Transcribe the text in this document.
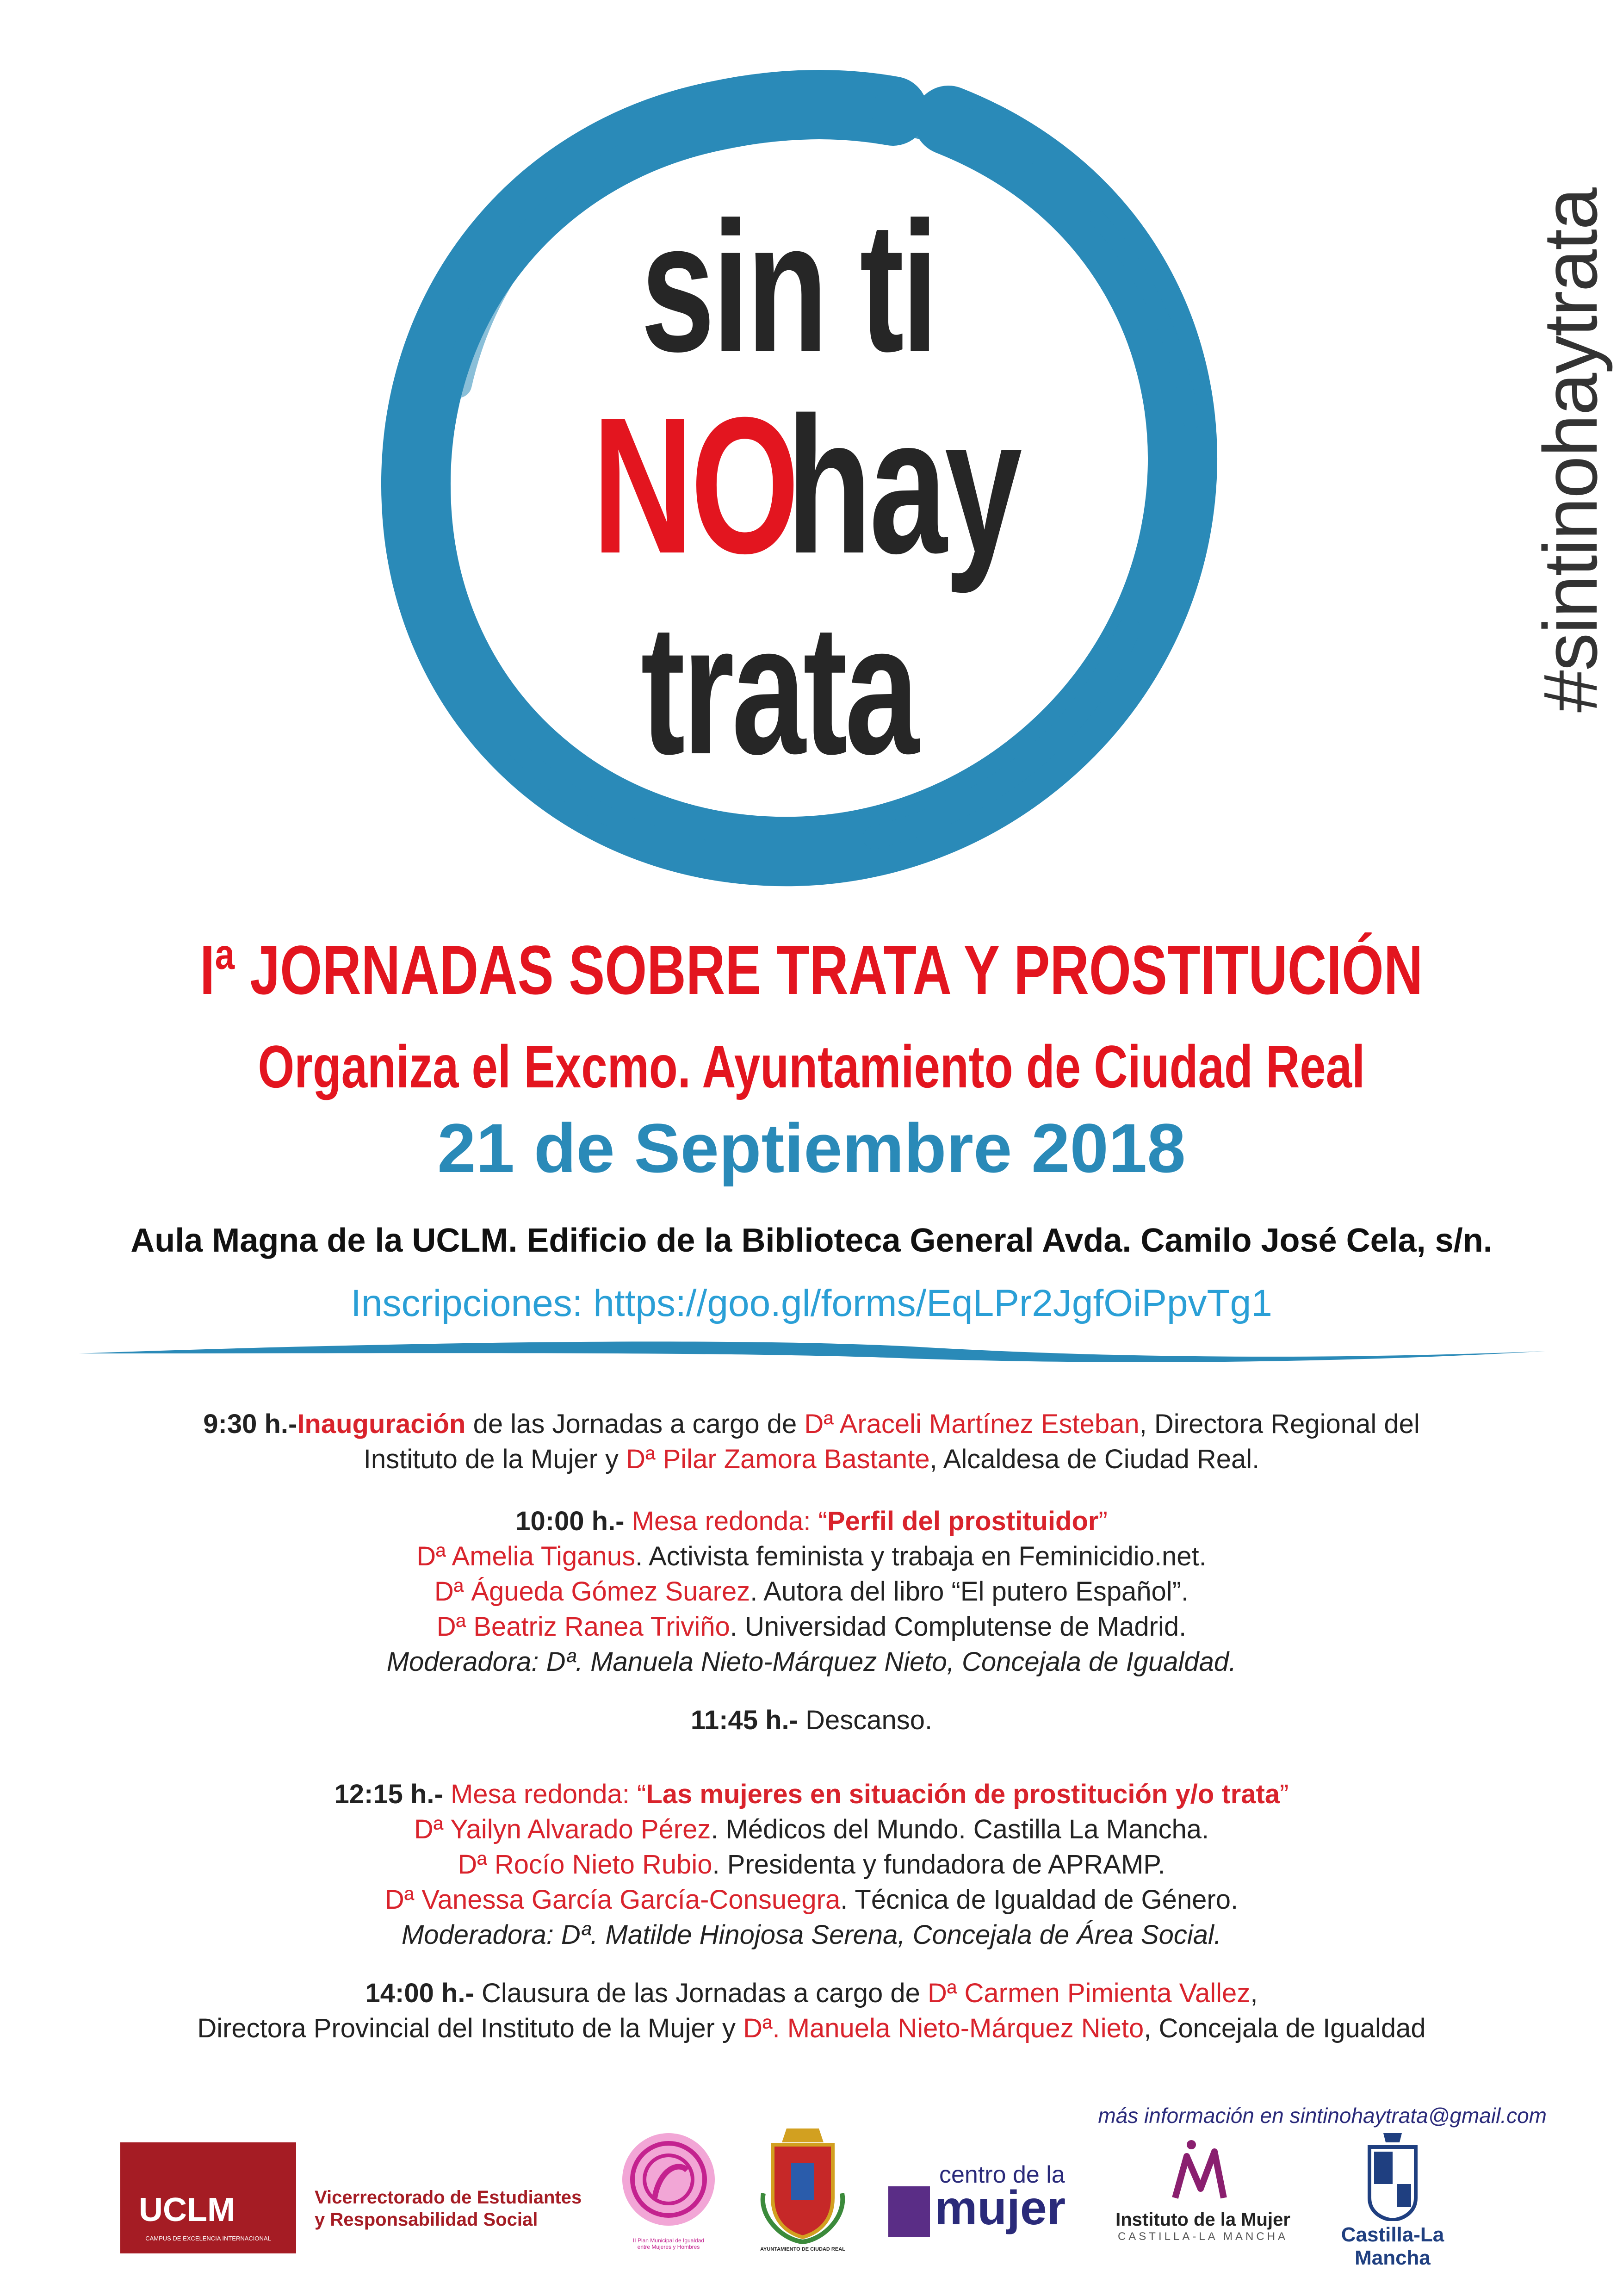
sin ti
NO
hay
trata	#sintinohaytrata
Iª JORNADAS SOBRE TRATA Y PROSTITUCIÓN
Organiza el Excmo. Ayuntamiento de Ciudad Real
21 de Septiembre 2018
Aula Magna de la UCLM. Edificio de la Biblioteca General Avda. Camilo José Cela, s/n.
Inscripciones: https://goo.gl/forms/EqLPr2JgfOiPpvTg1
9:30 h.-Inauguración de las Jornadas a cargo de Dª Araceli Martínez Esteban, Directora Regional del
Instituto de la Mujer y Dª Pilar Zamora Bastante, Alcaldesa de Ciudad Real.
10:00 h.- Mesa redonda: “Perfil del prostituidor”
Dª Amelia Tiganus. Activista feminista y trabaja en Feminicidio.net.
Dª Águeda Gómez Suarez. Autora del libro “El putero Español”.
Dª Beatriz Ranea Triviño. Universidad Complutense de Madrid.
Moderadora: Dª. Manuela Nieto-Márquez Nieto, Concejala de Igualdad.
11:45 h.- Descanso.
12:15 h.- Mesa redonda: “Las mujeres en situación de prostitución y/o trata”
Dª Yailyn Alvarado Pérez. Médicos del Mundo. Castilla La Mancha.
Dª Rocío Nieto Rubio. Presidenta y fundadora de APRAMP.
Dª Vanessa García García-Consuegra. Técnica de Igualdad de Género.
Moderadora: Dª. Matilde Hinojosa Serena, Concejala de Área Social.
14:00 h.- Clausura de las Jornadas a cargo de Dª Carmen Pimienta Vallez,
Directora Provincial del Instituto de la Mujer y Dª. Manuela Nieto-Márquez Nieto, Concejala de Igualdad
más información en sintinohaytrata@gmail.com
UCLM
CAMPUS DE EXCELENCIA INTERNACIONAL
Vicerrectorado de Estudiantes
y Responsabilidad Social
II Plan Municipal de Igualdad
entre Mujeres y Hombres	AYUNTAMIENTO DE CIUDAD REAL
centro de la
mujer	Instituto de la Mujer
CASTILLA-LA MANCHA	Castilla-La Mancha
